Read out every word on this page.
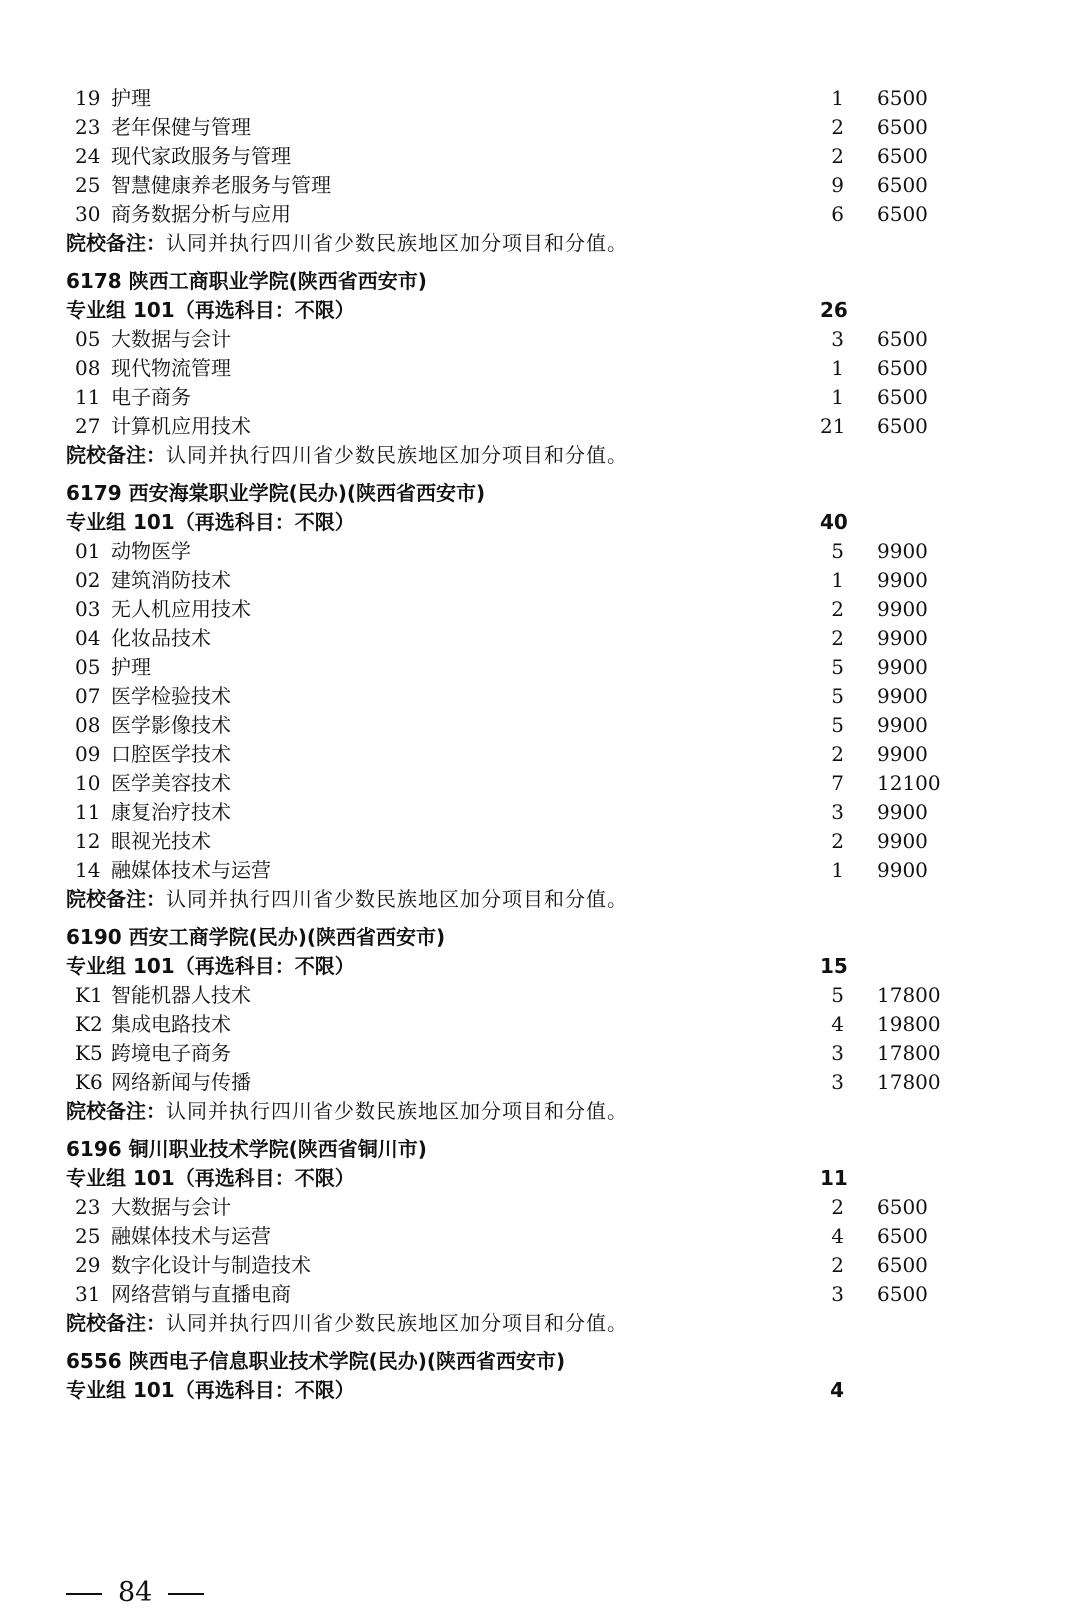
19 护理	1 6500
23 老年保健与管理	2 6500
24 现代家政服务与管理	2 6500
25 智慧健康养老服务与管理	9 6500
30 商务数据分析与应用	6 6500
院校备注：认同并执行四川省少数民族地区加分项目和分值。
6178 陕西工商职业学院(陕西省西安市)
专业组 101（再选科目：不限）	26
05 大数据与会计	3 6500
08 现代物流管理	1 6500
11 电子商务	1 6500
27 计算机应用技术	21 6500
院校备注：认同并执行四川省少数民族地区加分项目和分值。
6179 西安海棠职业学院(民办)(陕西省西安市)
专业组 101（再选科目：不限）	40
01 动物医学	5 9900
02 建筑消防技术	1 9900
03 无人机应用技术	2 9900
04 化妆品技术	2 9900
05 护理	5 9900
07 医学检验技术	5 9900
08 医学影像技术	5 9900
09 口腔医学技术	2 9900
10 医学美容技术	7 12100
11 康复治疗技术	3 9900
12 眼视光技术	2 9900
14 融媒体技术与运营	1 9900
院校备注：认同并执行四川省少数民族地区加分项目和分值。
6190 西安工商学院(民办)(陕西省西安市)
专业组 101（再选科目：不限）	15
K1 智能机器人技术	5 17800
K2 集成电路技术	4 19800
K5 跨境电子商务	3 17800
K6 网络新闻与传播	3 17800
院校备注：认同并执行四川省少数民族地区加分项目和分值。
6196 铜川职业技术学院(陕西省铜川市)
专业组 101（再选科目：不限）	11
23 大数据与会计	2 6500
25 融媒体技术与运营	4 6500
29 数字化设计与制造技术	2 6500
31 网络营销与直播电商	3 6500
院校备注：认同并执行四川省少数民族地区加分项目和分值。
6556 陕西电子信息职业技术学院(民办)(陕西省西安市)
专业组 101（再选科目：不限）	4
84
